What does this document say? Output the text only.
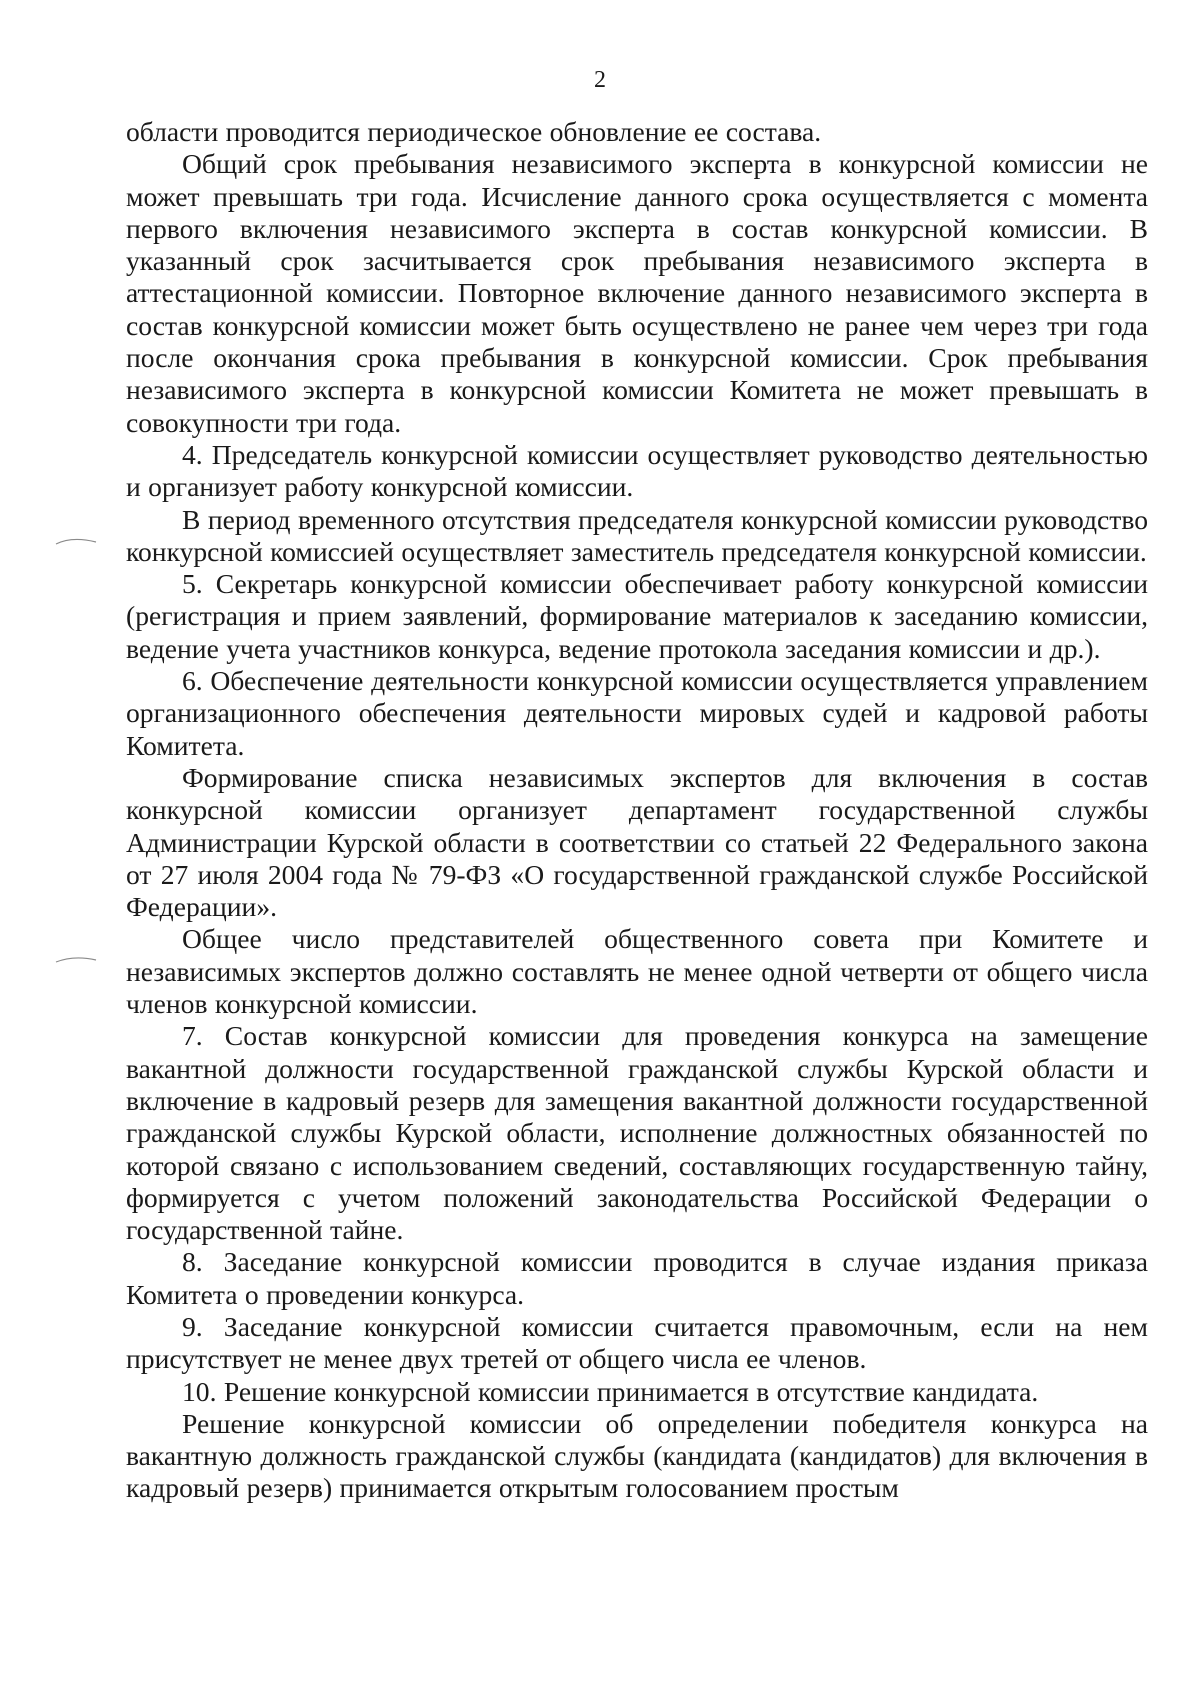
2

области проводится периодическое обновление ее состава.

Общий срок пребывания независимого эксперта в конкурсной комиссии не может превышать три года. Исчисление данного срока осуществляется с момента первого включения независимого эксперта в состав конкурсной комиссии. В указанный срок засчитывается срок пребывания независимого эксперта в аттестационной комиссии. Повторное включение данного независимого эксперта в состав конкурсной комиссии может быть осуществлено не ранее чем через три года после окончания срока пребывания в конкурсной комиссии. Срок пребывания независимого эксперта в конкурсной комиссии Комитета не может превышать в совокупности три года.

4. Председатель конкурсной комиссии осуществляет руководство деятельностью и организует работу конкурсной комиссии.

В период временного отсутствия председателя конкурсной комиссии руководство конкурсной комиссией осуществляет заместитель председателя конкурсной комиссии.

5. Секретарь конкурсной комиссии обеспечивает работу конкурсной комиссии (регистрация и прием заявлений, формирование материалов к заседанию комиссии, ведение учета участников конкурса, ведение протокола заседания комиссии и др.).

6. Обеспечение деятельности конкурсной комиссии осуществляется управлением организационного обеспечения деятельности мировых судей и кадровой работы Комитета.

Формирование списка независимых экспертов для включения в состав конкурсной комиссии организует департамент государственной службы Администрации Курской области в соответствии со статьей 22 Федерального закона от 27 июля 2004 года № 79-ФЗ «О государственной гражданской службе Российской Федерации».

Общее число представителей общественного совета при Комитете и независимых экспертов должно составлять не менее одной четверти от общего числа членов конкурсной комиссии.

7. Состав конкурсной комиссии для проведения конкурса на замещение вакантной должности государственной гражданской службы Курской области и включение в кадровый резерв для замещения вакантной должности государственной гражданской службы Курской области, исполнение должностных обязанностей по которой связано с использованием сведений, составляющих государственную тайну, формируется с учетом положений законодательства Российской Федерации о государственной тайне.

8. Заседание конкурсной комиссии проводится в случае издания приказа Комитета о проведении конкурса.

9. Заседание конкурсной комиссии считается правомочным, если на нем присутствует не менее двух третей от общего числа ее членов.

10. Решение конкурсной комиссии принимается в отсутствие кандидата.

Решение конкурсной комиссии об определении победителя конкурса на вакантную должность гражданской службы (кандидата (кандидатов) для включения в кадровый резерв) принимается открытым голосованием простым
